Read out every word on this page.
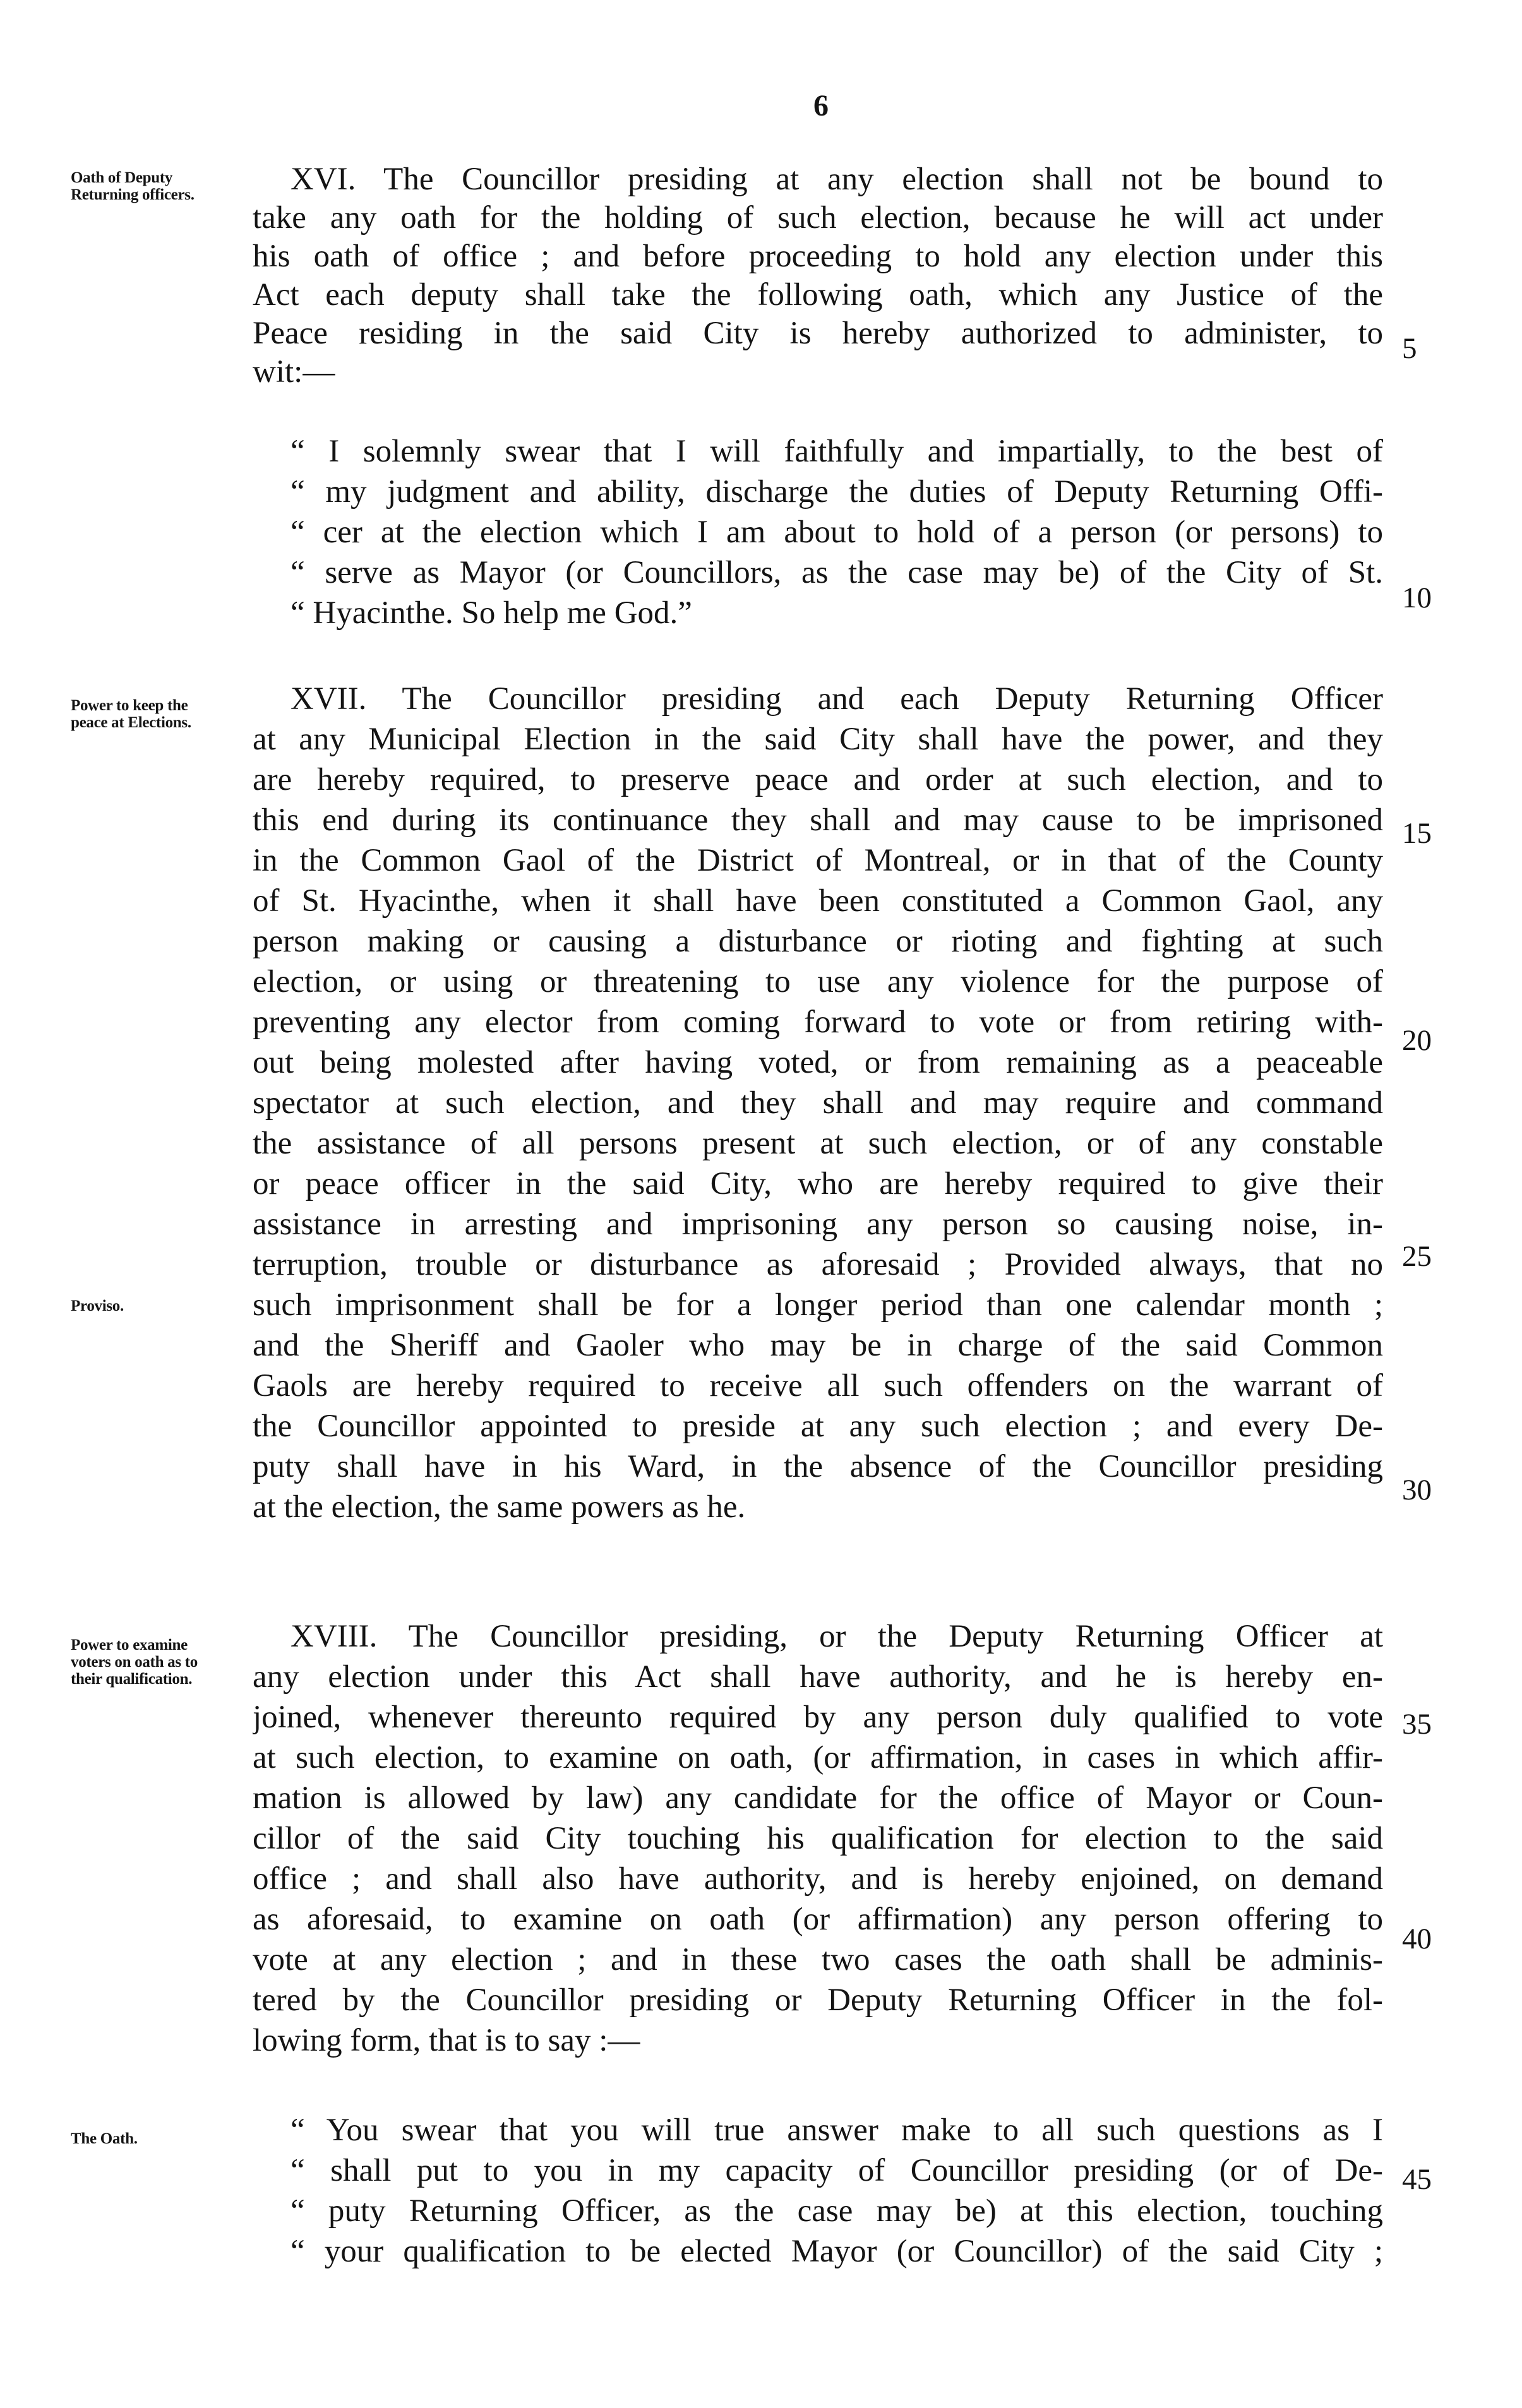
6
Oath of Deputy Returning officers.
Power to keep the peace at Elections.
Proviso.
Power to examine voters on oath as to their qualification.
The Oath.
5
10
15
20
25
30
35
40
45
XVI. The Councillor presiding at any election shall not be bound to
take any oath for the holding of such election, because he will act under
his oath of office ; and before proceeding to hold any election under this
Act each deputy shall take the following oath, which any Justice of the
Peace residing in the said City is hereby authorized to administer, to
wit:—
“ I solemnly swear that I will faithfully and impartially, to the best of
“ my judgment and ability, discharge the duties of Deputy Returning Offi-
“ cer at the election which I am about to hold of a person (or persons) to
“ serve as Mayor (or Councillors, as the case may be) of the City of St.
“ Hyacinthe. So help me God.”
XVII. The Councillor presiding and each Deputy Returning Officer
at any Municipal Election in the said City shall have the power, and they
are hereby required, to preserve peace and order at such election, and to
this end during its continuance they shall and may cause to be imprisoned
in the Common Gaol of the District of Montreal, or in that of the County
of St. Hyacinthe, when it shall have been constituted a Common Gaol, any
person making or causing a disturbance or rioting and fighting at such
election, or using or threatening to use any violence for the purpose of
preventing any elector from coming forward to vote or from retiring with-
out being molested after having voted, or from remaining as a peaceable
spectator at such election, and they shall and may require and command
the assistance of all persons present at such election, or of any constable
or peace officer in the said City, who are hereby required to give their
assistance in arresting and imprisoning any person so causing noise, in-
terruption, trouble or disturbance as aforesaid ; Provided always, that no
such imprisonment shall be for a longer period than one calendar month ;
and the Sheriff and Gaoler who may be in charge of the said Common
Gaols are hereby required to receive all such offenders on the warrant of
the Councillor appointed to preside at any such election ; and every De-
puty shall have in his Ward, in the absence of the Councillor presiding
at the election, the same powers as he.
XVIII. The Councillor presiding, or the Deputy Returning Officer at
any election under this Act shall have authority, and he is hereby en-
joined, whenever thereunto required by any person duly qualified to vote
at such election, to examine on oath, (or affirmation, in cases in which affir-
mation is allowed by law) any candidate for the office of Mayor or Coun-
cillor of the said City touching his qualification for election to the said
office ; and shall also have authority, and is hereby enjoined, on demand
as aforesaid, to examine on oath (or affirmation) any person offering to
vote at any election ; and in these two cases the oath shall be adminis-
tered by the Councillor presiding or Deputy Returning Officer in the fol-
lowing form, that is to say :—
“ You swear that you will true answer make to all such questions as I
“ shall put to you in my capacity of Councillor presiding (or of De-
“ puty Returning Officer, as the case may be) at this election, touching
“ your qualification to be elected Mayor (or Councillor) of the said City ;
